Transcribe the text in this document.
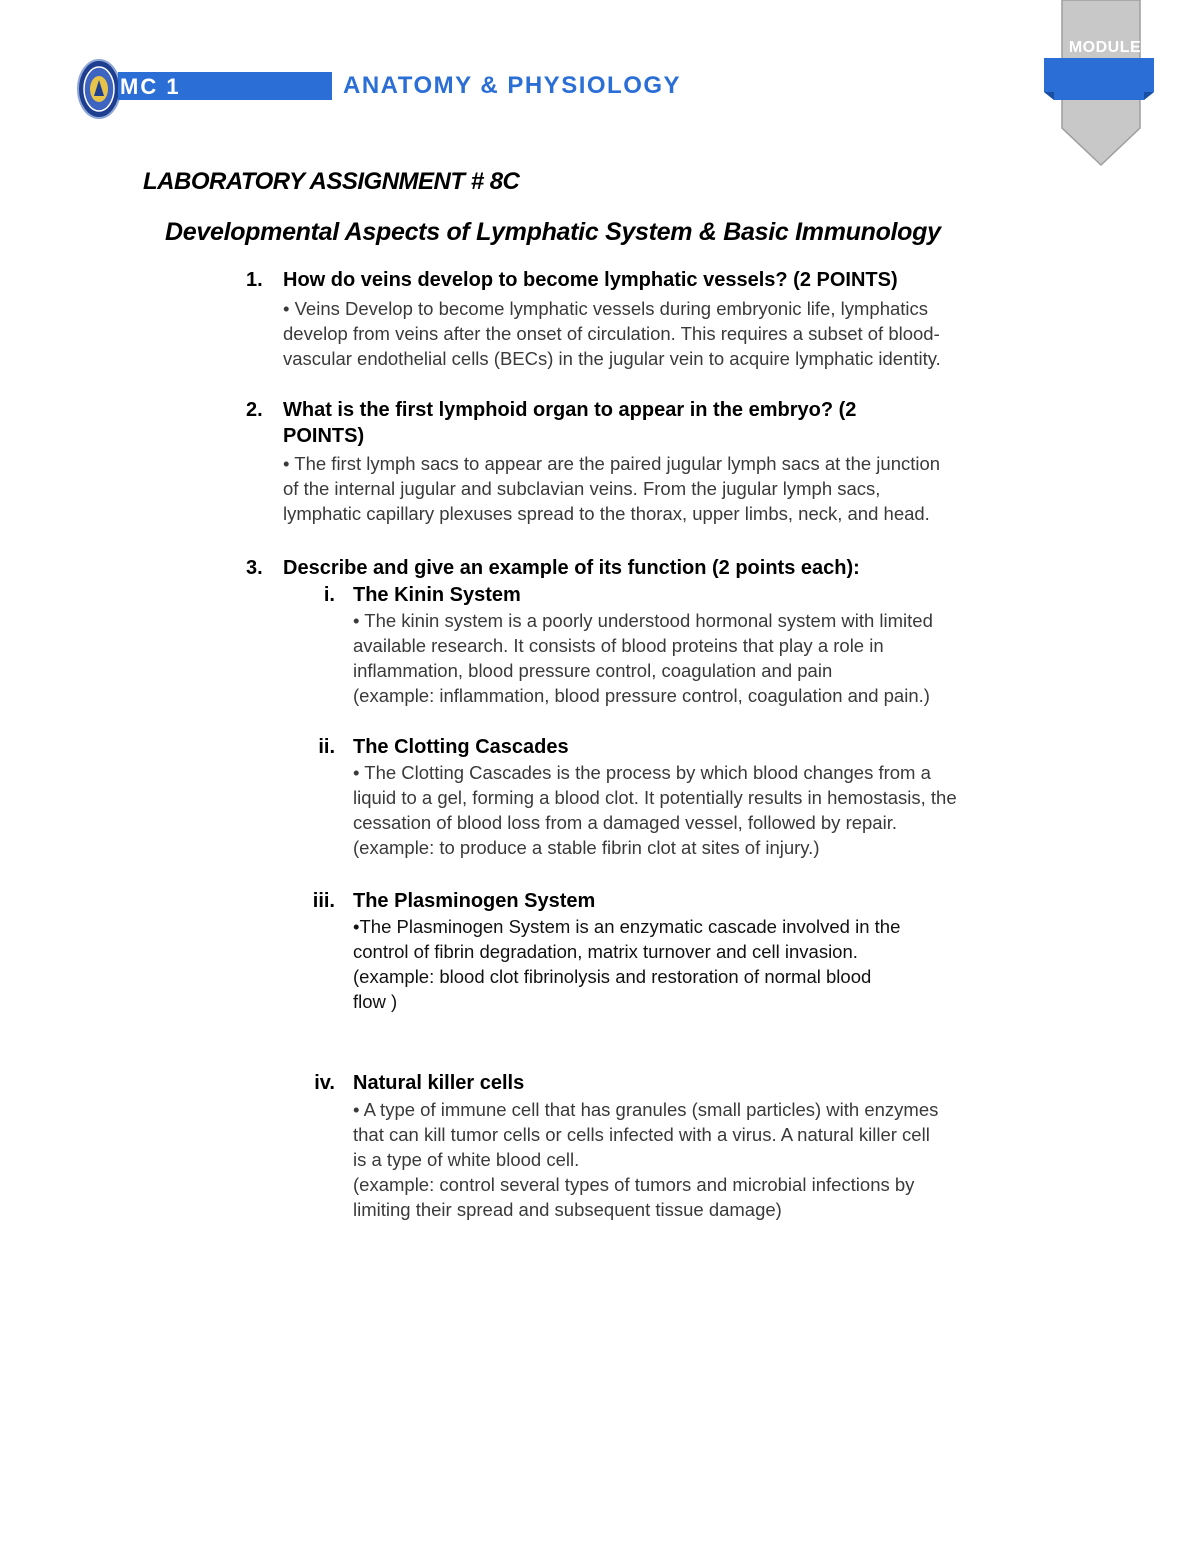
MC 1	ANATOMY & PHYSIOLOGY
MODULE
LABORATORY ASSIGNMENT # 8C
Developmental Aspects of Lymphatic System & Basic Immunology
1. How do veins develop to become lymphatic vessels? (2 POINTS)
• Veins Develop to become lymphatic vessels during embryonic life, lymphatics
develop from veins after the onset of circulation. This requires a subset of blood-
vascular endothelial cells (BECs) in the jugular vein to acquire lymphatic identity.
2. What is the first lymphoid organ to appear in the embryo? (2
POINTS)
• The first lymph sacs to appear are the paired jugular lymph sacs at the junction
of the internal jugular and subclavian veins. From the jugular lymph sacs,
lymphatic capillary plexuses spread to the thorax, upper limbs, neck, and head.
3. Describe and give an example of its function (2 points each):
i. The Kinin System
• The kinin system is a poorly understood hormonal system with limited
available research. It consists of blood proteins that play a role in
inflammation, blood pressure control, coagulation and pain
(example: inflammation, blood pressure control, coagulation and pain.)
ii. The Clotting Cascades
• The Clotting Cascades is the process by which blood changes from a
liquid to a gel, forming a blood clot. It potentially results in hemostasis, the
cessation of blood loss from a damaged vessel, followed by repair.
(example: to produce a stable fibrin clot at sites of injury.)
iii. The Plasminogen System
•The Plasminogen System is an enzymatic cascade involved in the
control of fibrin degradation, matrix turnover and cell invasion.
(example: blood clot fibrinolysis and restoration of normal blood
flow )
iv. Natural killer cells
• A type of immune cell that has granules (small particles) with enzymes
that can kill tumor cells or cells infected with a virus. A natural killer cell
is a type of white blood cell.
(example: control several types of tumors and microbial infections by
limiting their spread and subsequent tissue damage)
